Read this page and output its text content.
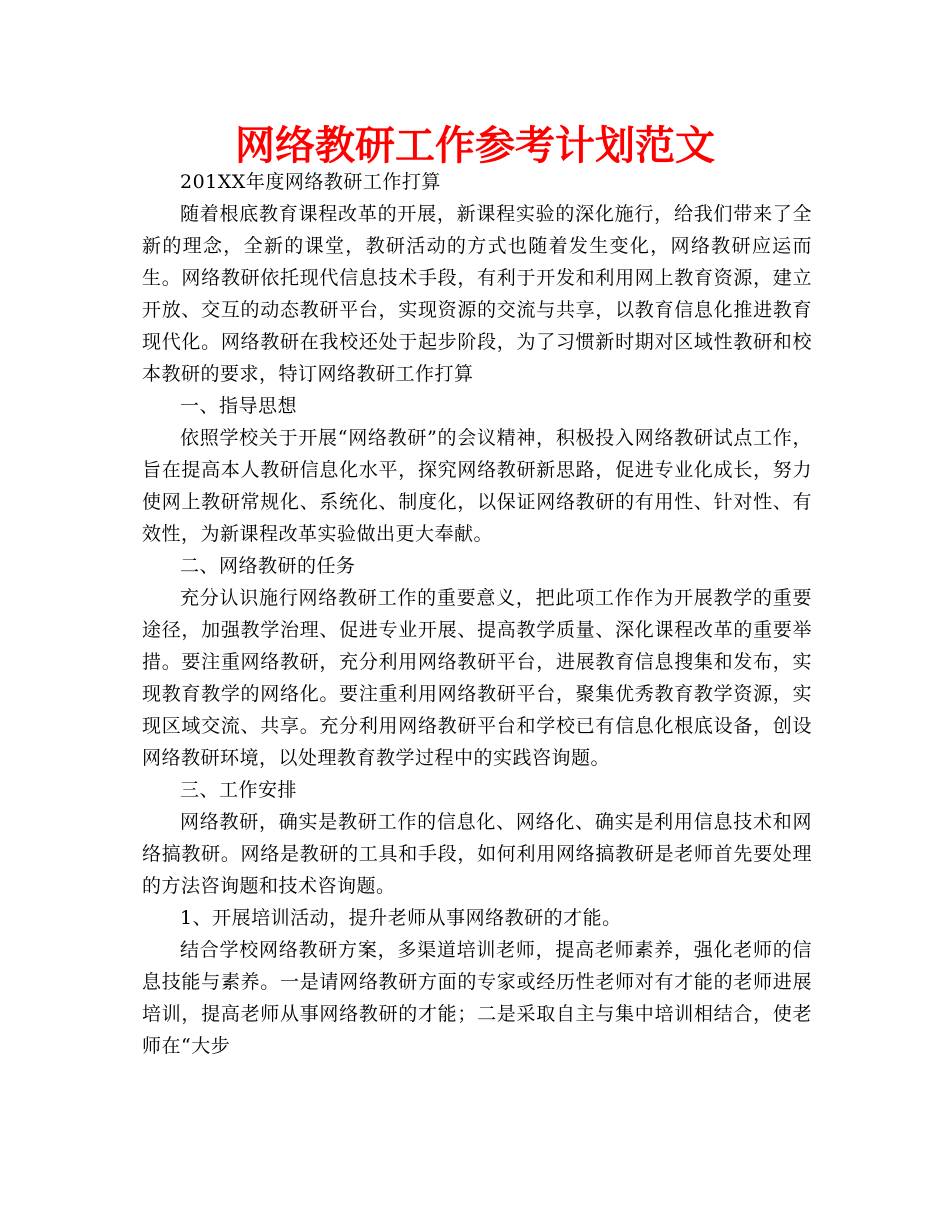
网络教研工作参考计划范文

201XX年度网络教研工作打算

随着根底教育课程改革的开展，新课程实验的深化施行，给我们带来了全新的理念，全新的课堂，教研活动的方式也随着发生变化，网络教研应运而生。网络教研依托现代信息技术手段，有利于开发和利用网上教育资源，建立开放、交互的动态教研平台，实现资源的交流与共享，以教育信息化推进教育现代化。网络教研在我校还处于起步阶段，为了习惯新时期对区域性教研和校本教研的要求，特订网络教研工作打算

一、指导思想

依照学校关于开展“网络教研”的会议精神，积极投入网络教研试点工作，旨在提高本人教研信息化水平，探究网络教研新思路，促进专业化成长，努力使网上教研常规化、系统化、制度化，以保证网络教研的有用性、针对性、有效性，为新课程改革实验做出更大奉献。

二、网络教研的任务

充分认识施行网络教研工作的重要意义，把此项工作作为开展教学的重要途径，加强教学治理、促进专业开展、提高教学质量、深化课程改革的重要举措。要注重网络教研，充分利用网络教研平台，进展教育信息搜集和发布，实现教育教学的网络化。要注重利用网络教研平台，聚集优秀教育教学资源，实现区域交流、共享。充分利用网络教研平台和学校已有信息化根底设备，创设网络教研环境，以处理教育教学过程中的实践咨询题。

三、工作安排

网络教研，确实是教研工作的信息化、网络化、确实是利用信息技术和网络搞教研。网络是教研的工具和手段，如何利用网络搞教研是老师首先要处理的方法咨询题和技术咨询题。

1、开展培训活动，提升老师从事网络教研的才能。

结合学校网络教研方案，多渠道培训老师，提高老师素养，强化老师的信息技能与素养。一是请网络教研方面的专家或经历性老师对有才能的老师进展培训，提高老师从事网络教研的才能；二是采取自主与集中培训相结合，使老师在“大步
